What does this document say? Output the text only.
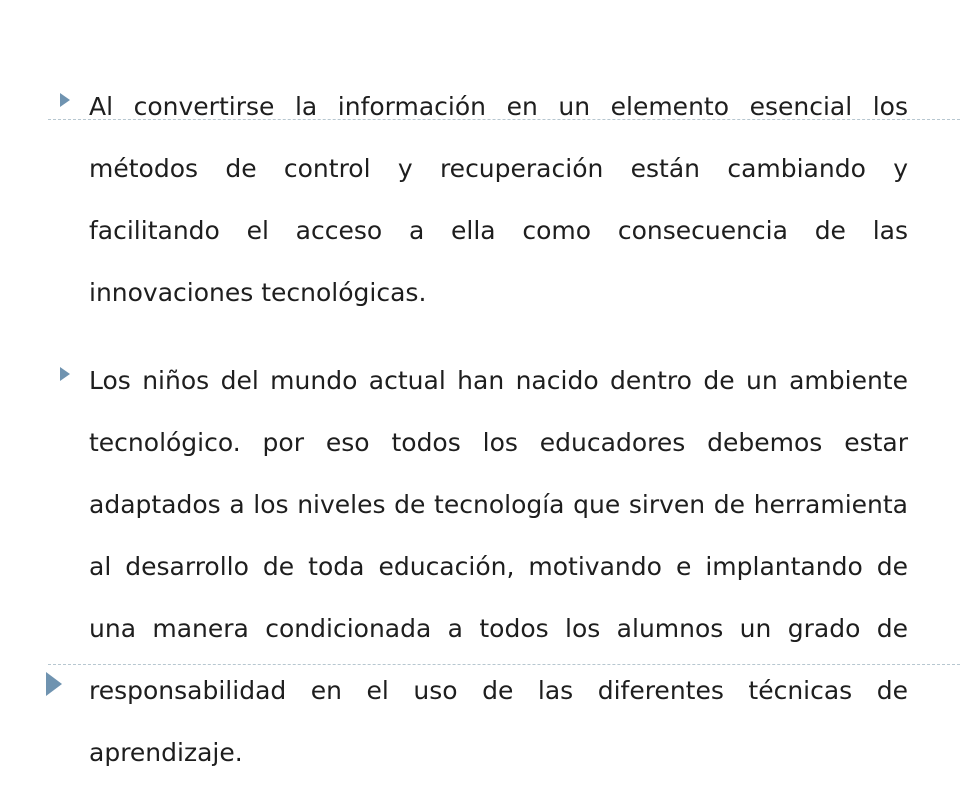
Al convertirse la información en un elemento esencial los métodos de control y recuperación están cambiando y facilitando el acceso a ella como consecuencia de las innovaciones tecnológicas.

Los niños del mundo actual han nacido dentro de un ambiente tecnológico. por eso todos los educadores debemos estar adaptados a los niveles de tecnología que sirven de herramienta al desarrollo de toda educación, motivando e implantando de una manera condicionada a todos los alumnos un grado de responsabilidad en el uso de las diferentes técnicas de aprendizaje.
